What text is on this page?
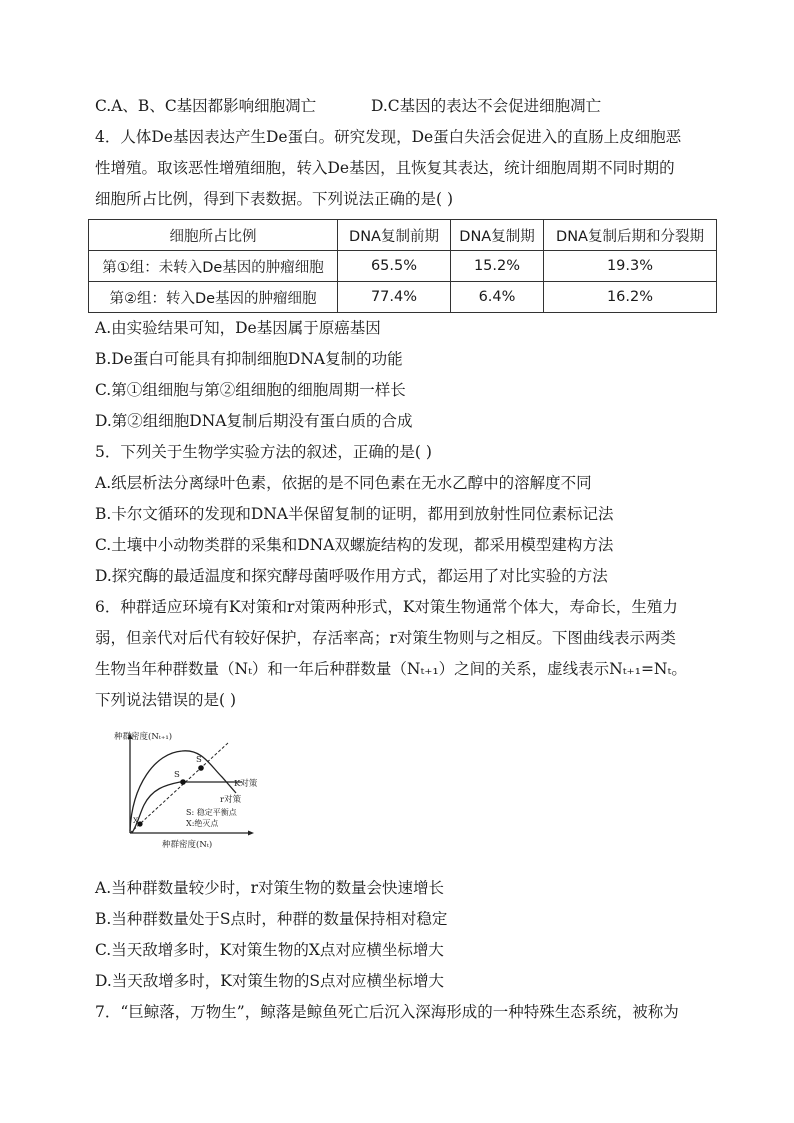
C.A、B、C基因都影响细胞凋亡	D.C基因的表达不会促进细胞凋亡
4．人体De基因表达产生De蛋白。研究发现，De蛋白失活会促进入的直肠上皮细胞恶
性增殖。取该恶性增殖细胞，转入De基因，且恢复其表达，统计细胞周期不同时期的
细胞所占比例，得到下表数据。下列说法正确的是( )
细胞所占比例	DNA复制前期	DNA复制期	DNA复制后期和分裂期
第①组：未转入De基因的肿瘤细胞	65.5%	15.2%	19.3%
第②组：转入De基因的肿瘤细胞	77.4%	6.4%	16.2%
A.由实验结果可知，De基因属于原癌基因
B.De蛋白可能具有抑制细胞DNA复制的功能
C.第①组细胞与第②组细胞的细胞周期一样长
D.第②组细胞DNA复制后期没有蛋白质的合成
5．下列关于生物学实验方法的叙述，正确的是( )
A.纸层析法分离绿叶色素，依据的是不同色素在无水乙醇中的溶解度不同
B.卡尔文循环的发现和DNA半保留复制的证明，都用到放射性同位素标记法
C.土壤中小动物类群的采集和DNA双螺旋结构的发现，都采用模型建构方法
D.探究酶的最适温度和探究酵母菌呼吸作用方式，都运用了对比实验的方法
6．种群适应环境有K对策和r对策两种形式，K对策生物通常个体大，寿命长，生殖力
弱，但亲代对后代有较好保护，存活率高；r对策生物则与之相反。下图曲线表示两类
生物当年种群数量（Nₜ）和一年后种群数量（Nₜ₊₁）之间的关系，虚线表示Nₜ₊₁=Nₜ。
下列说法错误的是( )
种群密度(Nₜ₊₁)
种群密度(Nₜ)
S
S
X
K对策
r对策
S: 稳定平衡点
X:绝灭点
A.当种群数量较少时，r对策生物的数量会快速增长
B.当种群数量处于S点时，种群的数量保持相对稳定
C.当天敌增多时，K对策生物的X点对应横坐标增大
D.当天敌增多时，K对策生物的S点对应横坐标增大
7．“巨鲸落，万物生”，鲸落是鲸鱼死亡后沉入深海形成的一种特殊生态系统，被称为
